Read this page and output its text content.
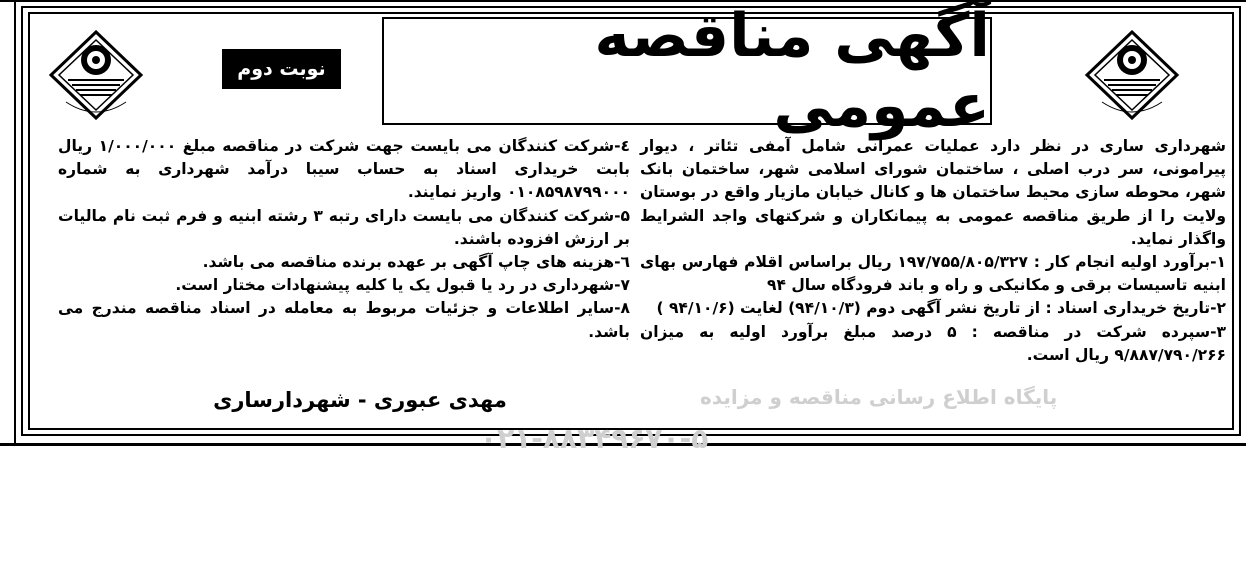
آگهی مناقصه عمومی
نوبت دوم

شهرداری ساری در نظر دارد عملیات عمرانی شامل آمفی تئاتر ، دیوار پیرامونی، سر درب اصلی ، ساختمان شورای اسلامی شهر، ساختمان بانک شهر، محوطه سازی محیط ساختمان ها و کانال خیابان مازیار واقع در بوستان ولایت را از طریق مناقصه عمومی به پیمانکاران و شرکتهای واجد الشرایط واگذار نماید.

۱-برآورد اولیه انجام کار : ۱۹۷/۷۵۵/۸۰۵/۳۲۷ ریال براساس اقلام فهارس بهای ابنیه تاسیسات برقی و مکانیکی و راه و باند فرودگاه سال ۹۴

۲-تاریخ خریداری اسناد : از تاریخ نشر آگهی دوم (۹۴/۱۰/۳) لغایت (۹۴/۱۰/۶ )

۳-سپرده شرکت در مناقصه : ۵ درصد مبلغ برآورد اولیه به میزان ۹/۸۸۷/۷۹۰/۲۶۶ ریال است.

٤-شرکت کنندگان می بایست جهت شرکت در مناقصه مبلغ ۱/۰۰۰/۰۰۰ ریال بابت خریداری اسناد به حساب سیبا درآمد شهرداری به شماره ۰۱۰۸۵۹۸۷۹۹۰۰۰ واریز نمایند.

۵-شرکت کنندگان می بایست دارای رتبه ۳ رشته ابنیه و فرم ثبت نام مالیات بر ارزش افزوده باشند.

٦-هزینه های چاپ آگهی بر عهده برنده مناقصه می باشد.

۷-شهرداری در رد یا قبول یک یا کلیه پیشنهادات مختار است.

۸-سایر اطلاعات و جزئیات مربوط به معامله در اسناد مناقصه مندرج می باشد.

مهدی عبوری - شهردارساری	پایگاه اطلاع رسانی مناقصه و مزایده
۰۲۱-۸۸۳۴۹۶۷۰-۵
